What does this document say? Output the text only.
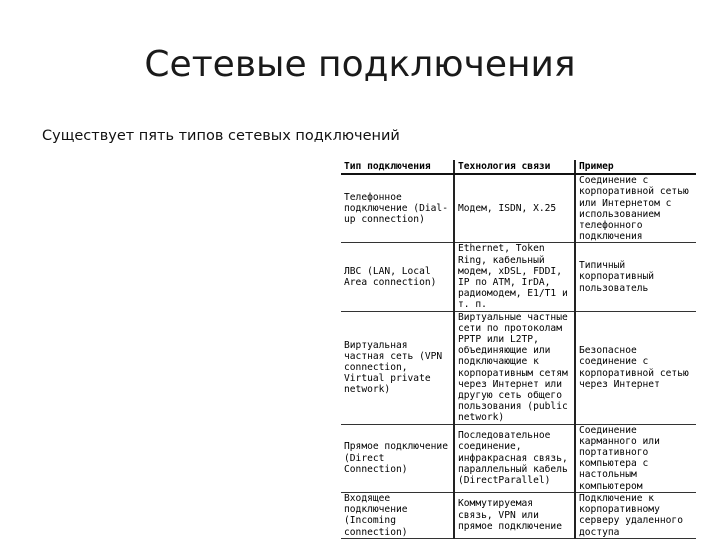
Сетевые подключения
Существует пять типов сетевых подключений
Тип подключения	Технология связи	Пример
Телефонное подключение (Dial-up connection)	Модем, ISDN, X.25	Соединение с корпоративной сетью или Интернетом с использованием телефонного подключения
ЛВС (LAN, Local Area connection)	Ethernet, Token Ring, кабельный модем, xDSL, FDDI, IP по ATM, IrDA, радиомодем, E1/T1 и т. п.	Типичный корпоративный пользователь
Виртуальная частная сеть (VPN connection, Virtual private network)	Виртуальные частные сети по протоколам PPTP или L2TP, объединяющие или подключающие к корпоративным сетям через Интернет или другую сеть общего пользования (public network)	Безопасное соединение с корпоративной сетью через Интернет
Прямое подключение (Direct Connection)	Последовательное соединение, инфракрасная связь, параллельный кабель (DirectParallel)	Соединение карманного или портативного компьютера с настольным компьютером
Входящее подключение (Incoming connection)	Коммутируемая связь, VPN или прямое подключение	Подключение к корпоративному серверу удаленного доступа
